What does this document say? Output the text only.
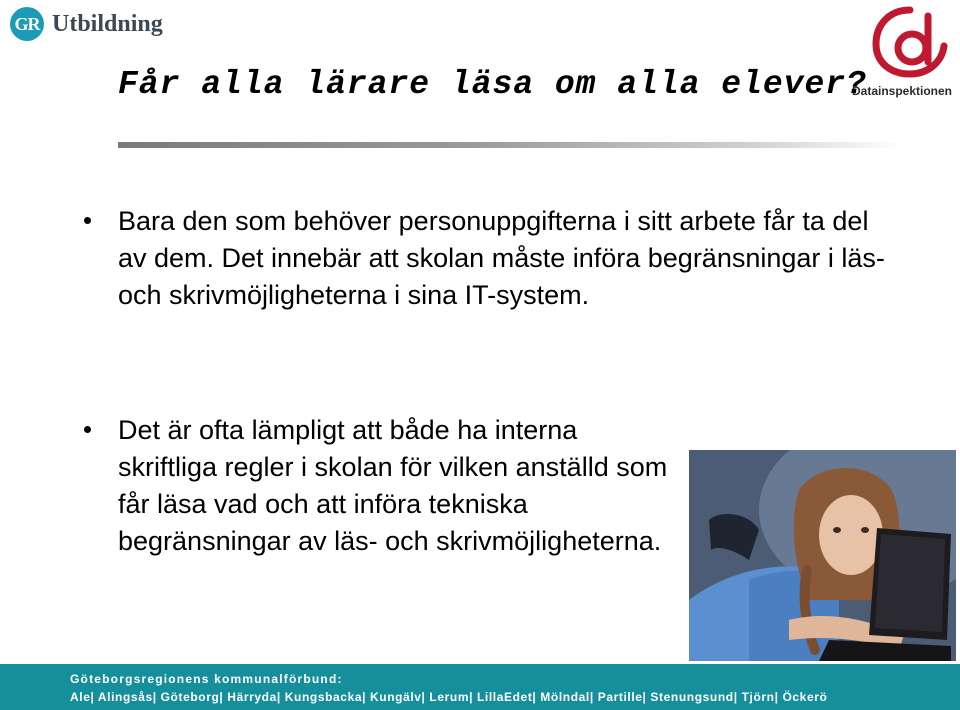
GR Utbildning
Datainspektionen
Får alla lärare läsa om alla elever?
Bara den som behöver personuppgifterna i sitt arbete får ta del av dem. Det innebär att skolan måste införa begränsningar i läs- och skrivmöjligheterna i sina IT-system.
Det är ofta lämpligt att både ha interna skriftliga regler i skolan för vilken anställd som får läsa vad och att införa tekniska begränsningar av läs- och skrivmöjligheterna.
Göteborgsregionens kommunalförbund:
Ale| Alingsås| Göteborg| Härryda| Kungsbacka| Kungälv| Lerum| LillaEdet| Mölndal| Partille| Stenungsund| Tjörn| Öckerö
